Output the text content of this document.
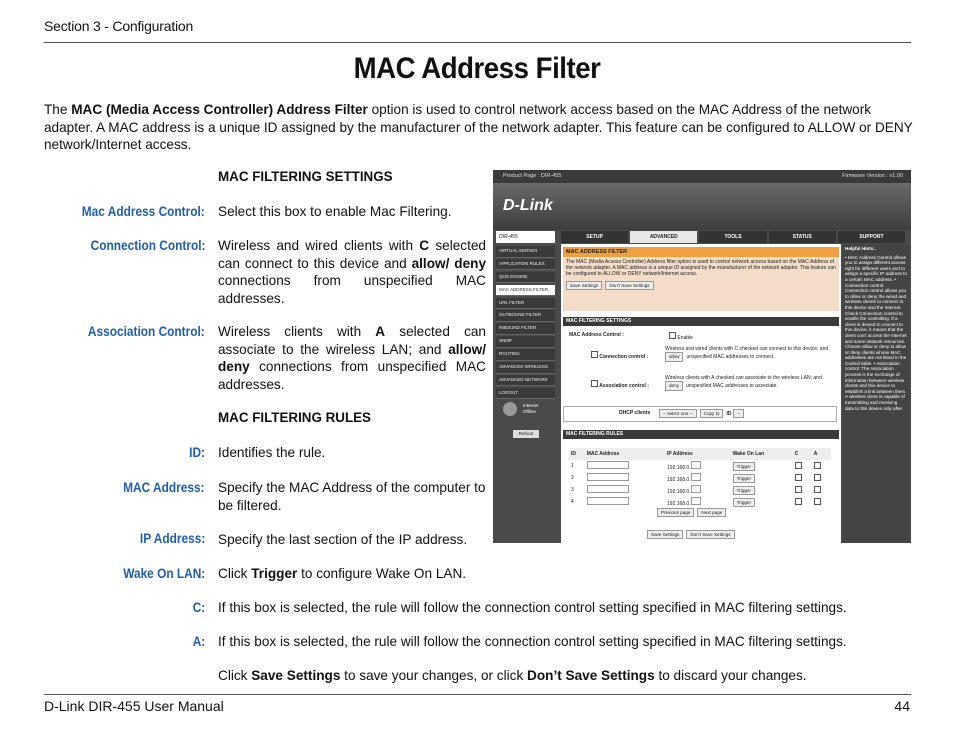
Section 3 - Configuration
MAC Address Filter
The MAC (Media Access Controller) Address Filter option is used to control network access based on the MAC Address of the network adapter. A MAC address is a unique ID assigned by the manufacturer of the network adapter. This feature can be configured to ALLOW or DENY network/Internet access.
MAC FILTERING SETTINGS
Mac Address Control: Select this box to enable Mac Filtering.
Connection Control: Wireless and wired clients with C selected can connect to this device and allow/ deny connections from unspecified MAC addresses.
Association Control: Wireless clients with A selected can associate to the wireless LAN; and allow/ deny connections from unspecified MAC addresses.
MAC FILTERING RULES
ID: Identifies the rule.
MAC Address: Specify the MAC Address of the computer to be filtered.
IP Address: Specify the last section of the IP address.
Wake On LAN: Click Trigger to configure Wake On LAN.
C: If this box is selected, the rule will follow the connection control setting specified in MAC filtering settings.
A: If this box is selected, the rule will follow the connection control setting specified in MAC filtering settings.
Click Save Settings to save your changes, or click Don’t Save Settings to discard your changes.
Product Page : DIR-455	Firmware Version : v1.00
D-Link
DIR-455	SETUP	ADVANCED	TOOLS	STATUS	SUPPORT
VIRTUAL SERVER
APPLICATION RULES
QOS ENGINE
MAC ADDRESS FILTER
URL FILTER
OUTBOUND FILTER
INBOUND FILTER
SNMP
ROUTING
ADVANCED WIRELESS
ADVANCED NETWORK
LOGOUT
Internet Offline
Reboot
MAC ADDRESS FILTER

The MAC (Media Access Controller) Address filter option is used to control network access based on the MAC Address of the network adapter. A MAC address is a unique ID assigned by the manufacturer of the network adapter. This feature can be configured to ALLOW or DENY network/Internet access.

Save Settings Don't Save Settings
MAC FILTERING SETTINGS
MAC Address Control :	Enable
Connection control :
Wireless and wired clients with C checked can connect to this device; and allow unspecified MAC addresses to connect.
Association control :
Wireless clients with A checked can associate to the wireless LAN; and deny unspecified MAC addresses to associate.
DHCP clients	-- select one -- Copy to ID --
MAC FILTERING RULES
ID	MAC Address	IP Address	Wake On Lan	C	A
1		192.168.0.	Trigger		
2		192.168.0.	Trigger		
3		192.168.0.	Trigger		
4		192.168.0.	Trigger		
Previous page Next page
Save Settings Don't Save Settings
Helpful Hints..
• MAC Address Control allows you to assign different access right for different users and to assign a specific IP address to a certain MAC address. • Connection control: Connection control allows you to allow or deny the wired and wireless clients to connect to this device and the Internet. Check Connection control to enable the controlling. If a client is denied to connect to this device, it means that the client can't access the Internet and some network resources. Choose allow or deny to allow or deny clients whose MAC addresses are not listed in the Control table. • Association control: The Association process is the exchange of information between wireless clients and this device to establish a link between them. A wireless client is capable of transmitting and receiving data to this device only after
D-Link DIR-455 User Manual	44
